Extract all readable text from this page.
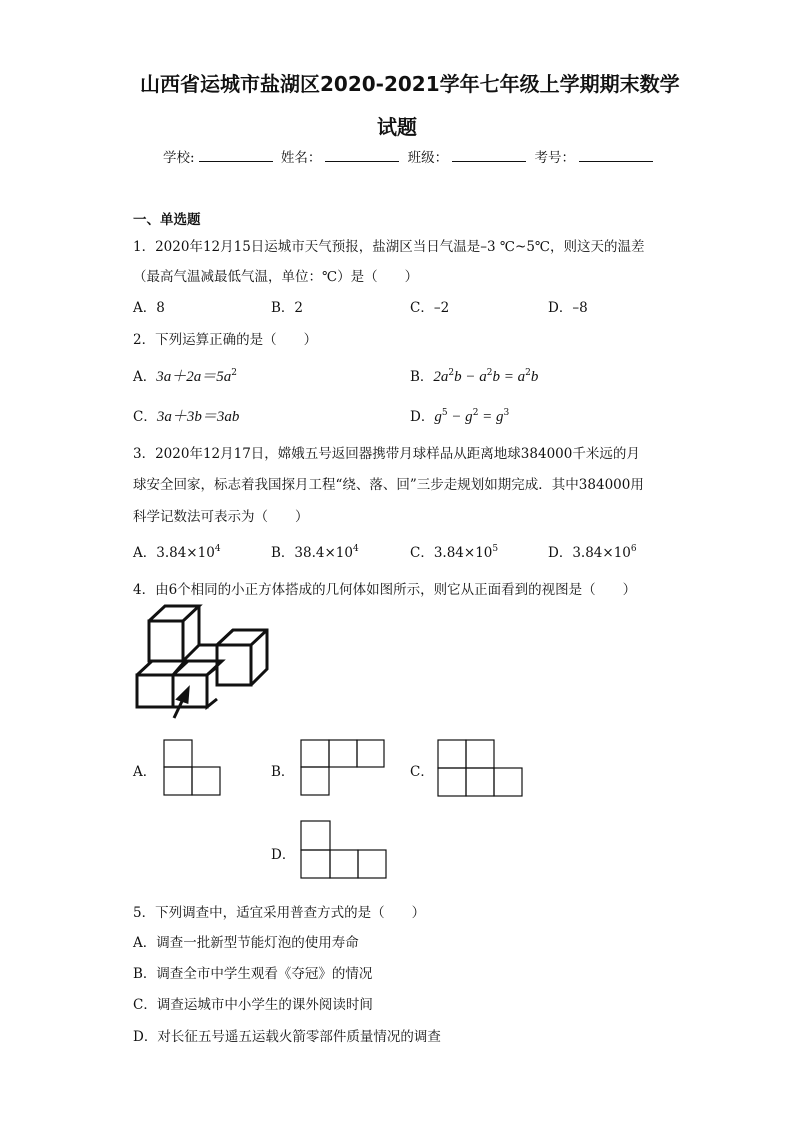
山西省运城市盐湖区2020-2021学年七年级上学期期末数学
试题
学校:	姓名：	班级：	考号：
一、单选题
1．2020年12月15日运城市天气预报，盐湖区当日气温是–3 ℃~5℃，则这天的温差
（最高气温减最低气温，单位：℃）是（　　）
A．8	B．2	C．–2	D．–8
2．下列运算正确的是（　　）
A．$3a+2a=5a^2$	B．$2a^2b - a^2b = a^2b$
C．3a＋3b＝3ab	D．$g^5 - g^2 = g^3$
3．2020年12月17日，嫦娥五号返回器携带月球样品从距离地球384000千米远的月
球安全回家，标志着我国探月工程“绕、落、回”三步走规划如期完成．其中384000用
科学记数法可表示为（　　）
A．$3.84\times 10^4$	B．$38.4\times 10^4$	C．$3.84\times 10^5$	D．$3.84\times 10^6$
4．由6个相同的小正方体搭成的几何体如图所示，则它从正面看到的视图是（　　）
A．	B．	C．
D．
5．下列调查中，适宜采用普查方式的是（　　）
A．调查一批新型节能灯泡的使用寿命
B．调查全市中学生观看《夺冠》的情况
C．调查运城市中小学生的课外阅读时间
D．对长征五号遥五运载火箭零部件质量情况的调查
